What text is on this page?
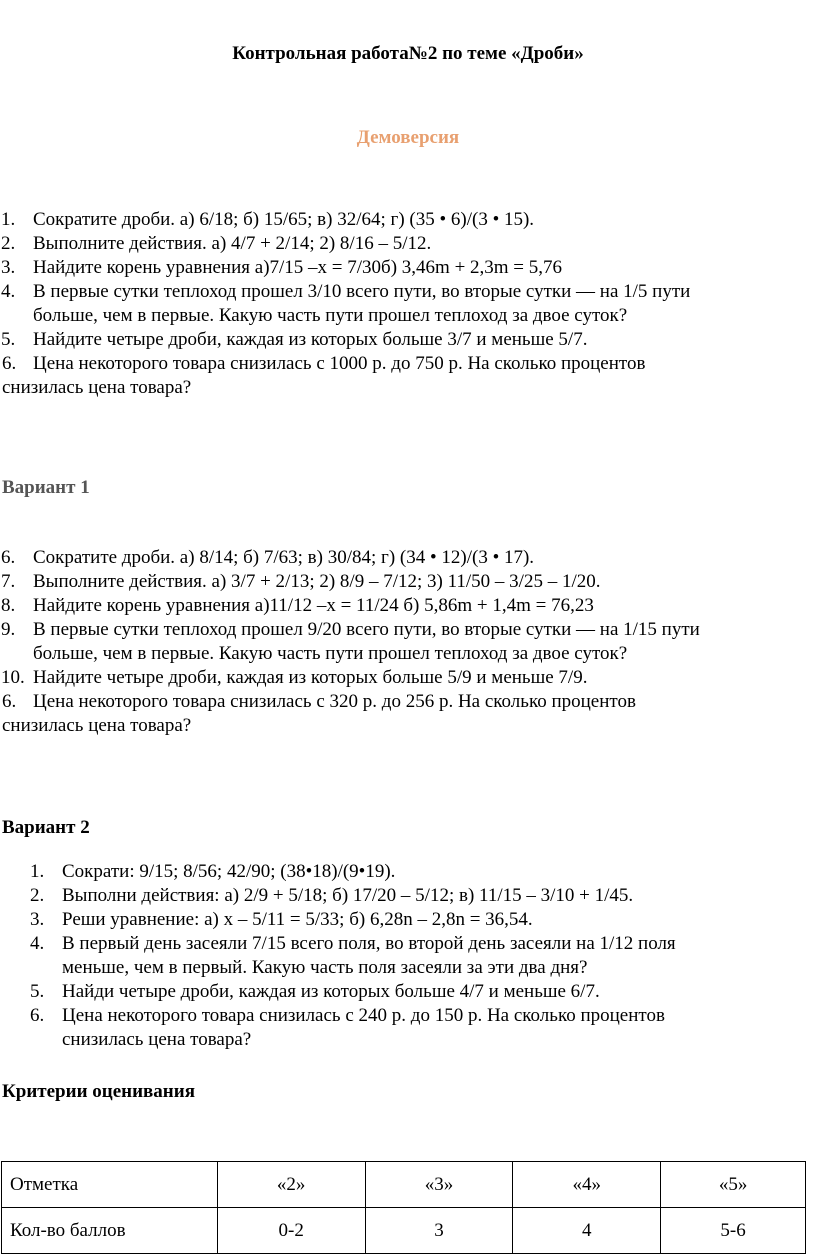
Контрольная работа№2 по теме «Дроби»
Демоверсия
1. Сократите дроби. а) 6/18; б) 15/65; в) 32/64; г) (35 • 6)/(3 • 15).
2. Выполните действия. а) 4/7 + 2/14; 2) 8/16 – 5/12.
3. Найдите корень уравнения а)7/15 –х = 7/30б) 3,46m + 2,3m = 5,76
4. В первые сутки теплоход прошел 3/10 всего пути, во вторые сутки — на 1/5 пути
больше, чем в первые. Какую часть пути прошел теплоход за двое суток?
5. Найдите четыре дроби, каждая из которых больше 3/7 и меньше 5/7.
6. Цена некоторого товара снизилась с 1000 р. до 750 р. На сколько процентов
снизилась цена товара?
Вариант 1
6. Сократите дроби. а) 8/14; б) 7/63; в) 30/84; г) (34 • 12)/(3 • 17).
7. Выполните действия. а) 3/7 + 2/13; 2) 8/9 – 7/12; 3) 11/50 – 3/25 – 1/20.
8. Найдите корень уравнения а)11/12 –х = 11/24 б) 5,86m + 1,4m = 76,23
9. В первые сутки теплоход прошел 9/20 всего пути, во вторые сутки — на 1/15 пути
больше, чем в первые. Какую часть пути прошел теплоход за двое суток?
10. Найдите четыре дроби, каждая из которых больше 5/9 и меньше 7/9.
6. Цена некоторого товара снизилась с 320 р. до 256 р. На сколько процентов
снизилась цена товара?
Вариант 2
1. Сократи: 9/15; 8/56; 42/90; (38•18)/(9•19).
2. Выполни действия: а) 2/9 + 5/18; б) 17/20 – 5/12; в) 11/15 – 3/10 + 1/45.
3. Реши уравнение: а) х – 5/11 = 5/33; б) 6,28n – 2,8n = 36,54.
4. В первый день засеяли 7/15 всего поля, во второй день засеяли на 1/12 поля
меньше, чем в первый. Какую часть поля засеяли за эти два дня?
5. Найди четыре дроби, каждая из которых больше 4/7 и меньше 6/7.
6. Цена некоторого товара снизилась с 240 р. до 150 р. На сколько процентов
снизилась цена товара?
Критерии оценивания
Отметка	«2»	«3»	«4»	«5»
Кол-во баллов	0-2	3	4	5-6
